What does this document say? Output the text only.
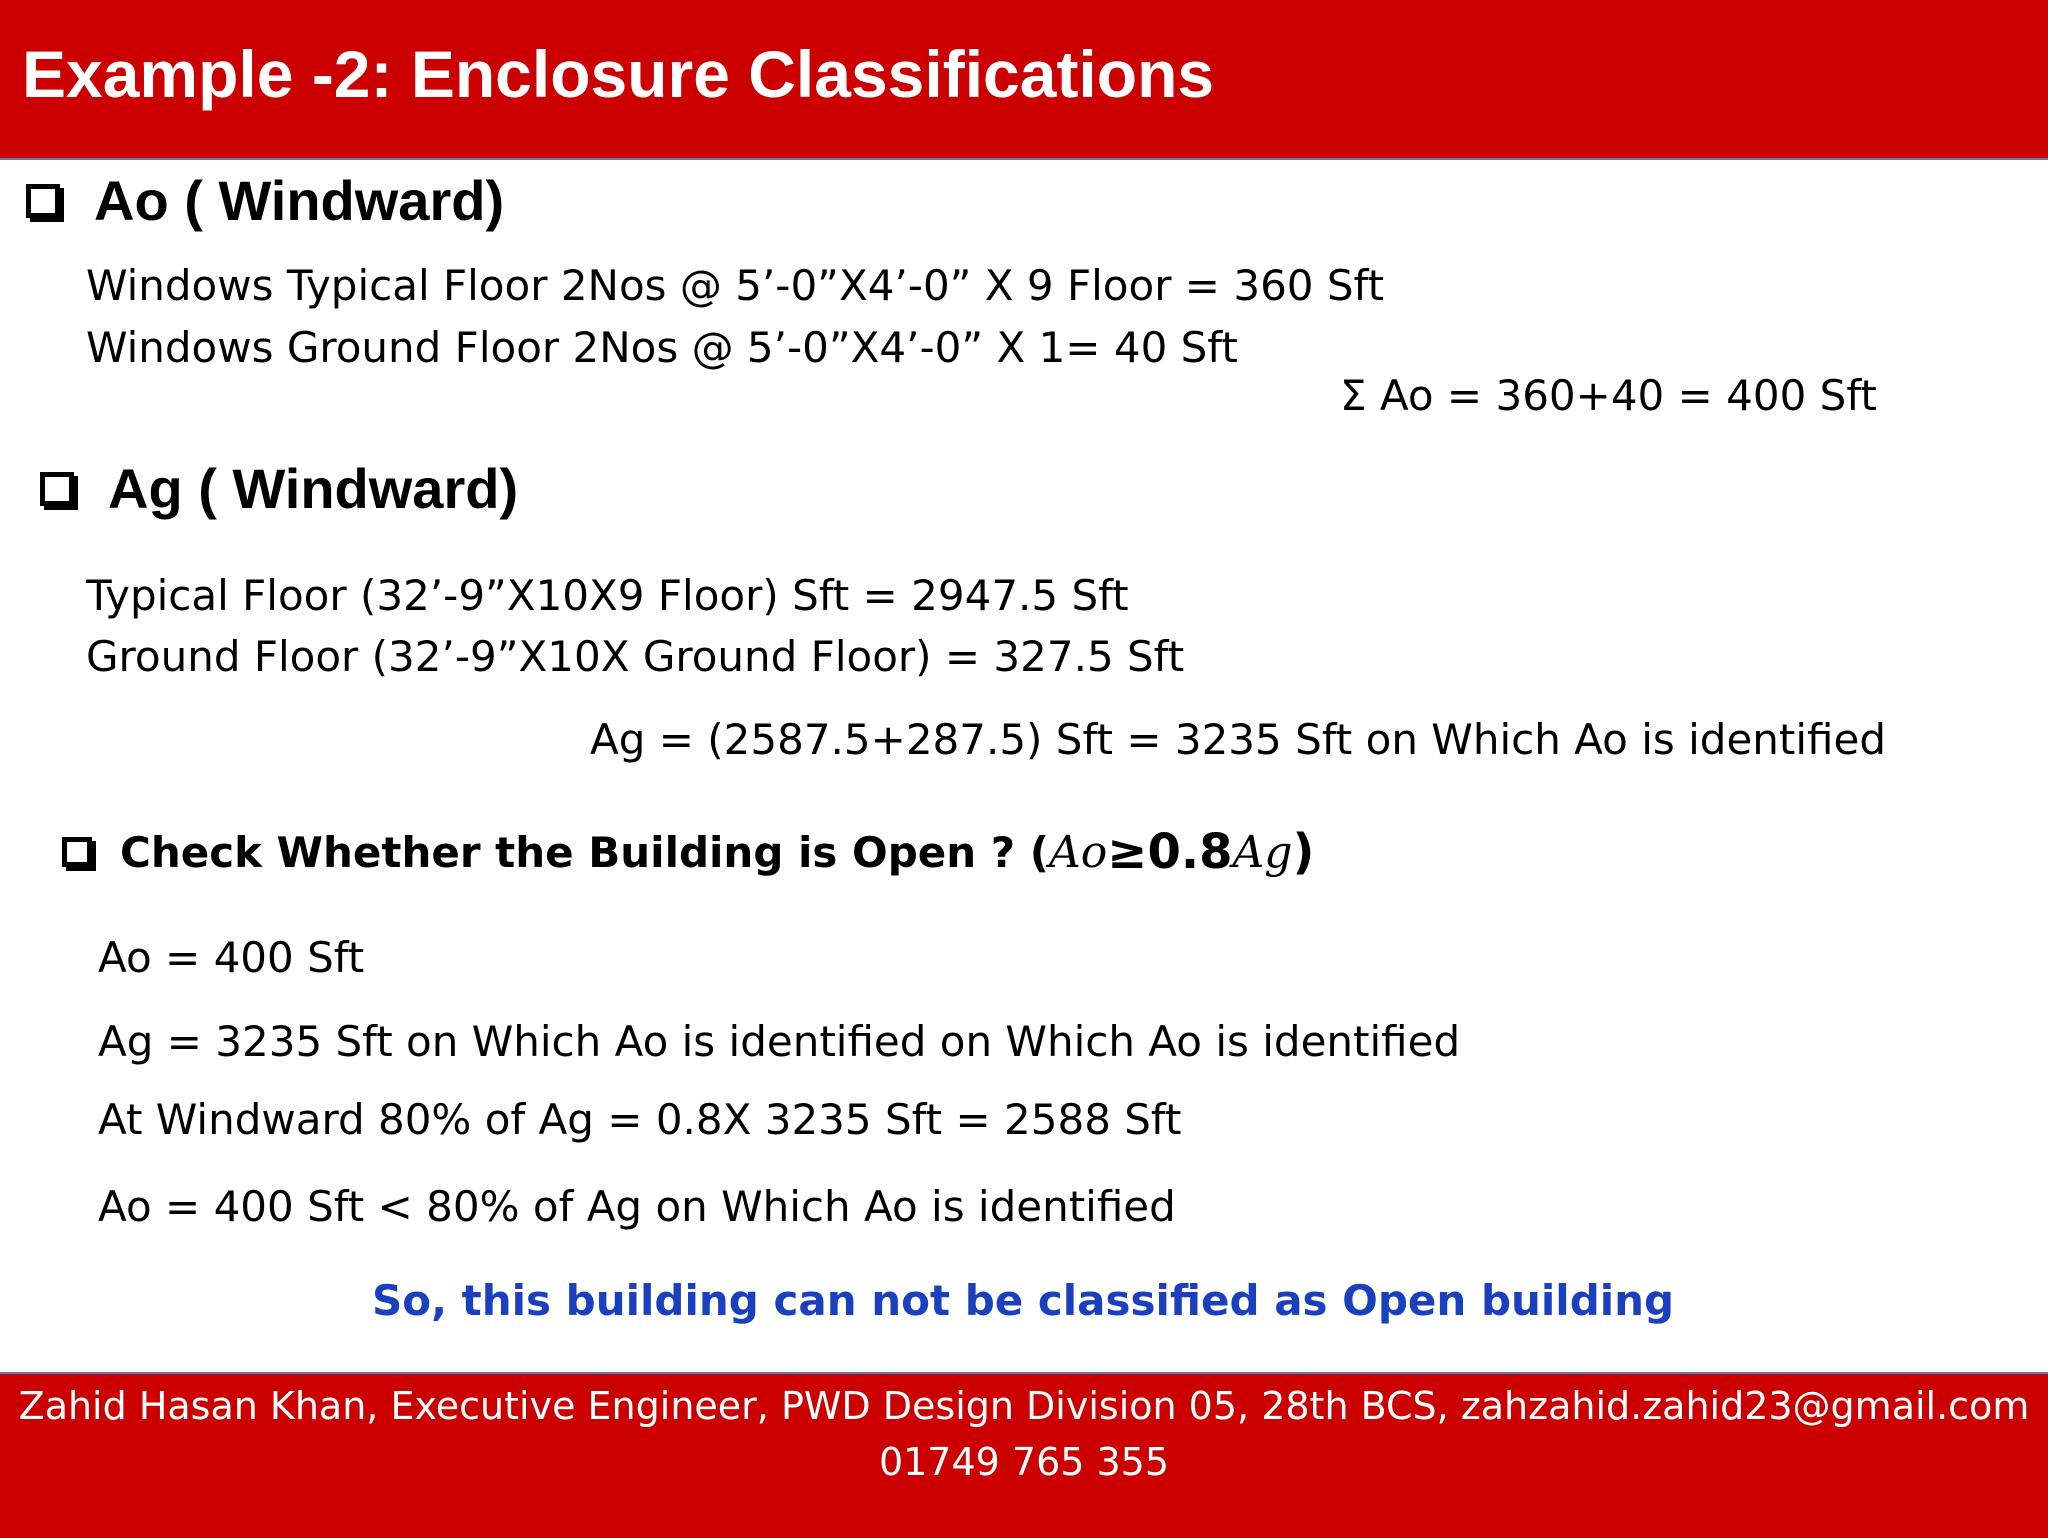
Example -2: Enclosure Classifications
Ao ( Windward)
Windows Typical Floor 2Nos @ 5’-0”X4’-0” X 9 Floor = 360 Sft
Windows Ground Floor 2Nos @ 5’-0”X4’-0” X 1= 40 Sft
Σ Ao = 360+40 = 400 Sft
Ag ( Windward)
Typical Floor (32’-9”X10X9 Floor) Sft = 2947.5 Sft
Ground Floor (32’-9”X10X Ground Floor) = 327.5 Sft
Ag = (2587.5+287.5) Sft = 3235 Sft on Which Ao is identified
Check Whether the Building is Open ? ( Ao ≥0.8 Ag )
Ao = 400 Sft
Ag = 3235 Sft on Which Ao is identified on Which Ao is identified
At Windward 80% of Ag = 0.8X 3235 Sft = 2588 Sft
Ao = 400 Sft < 80% of Ag on Which Ao is identified
So, this building can not be classified as Open building
Zahid Hasan Khan, Executive Engineer, PWD Design Division 05, 28th BCS, zahzahid.zahid23@gmail.com
01749 765 355
